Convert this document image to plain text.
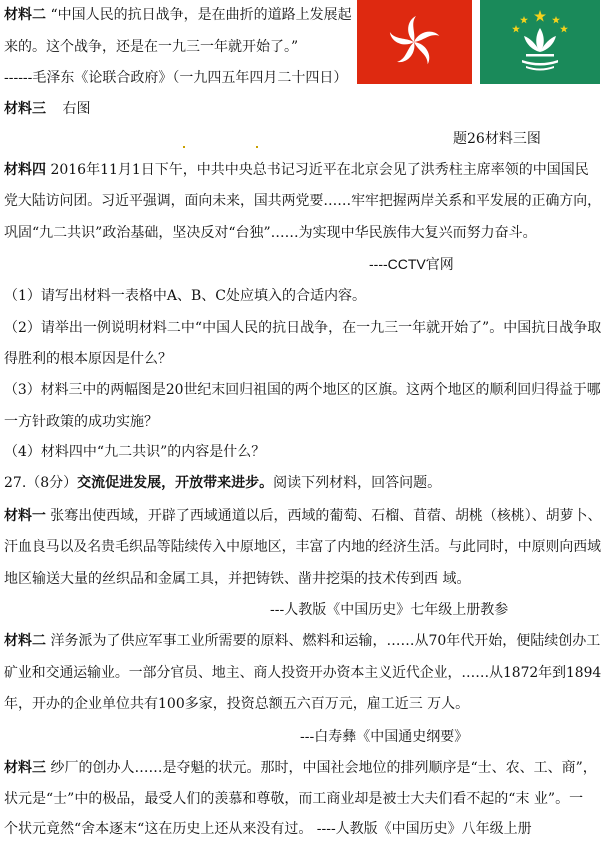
材料二 “中国人民的抗日战争，是在曲折的道路上发展起
来的。这个战争，还是在一九三一年就开始了。”
------毛泽东《论联合政府》（一九四五年四月二十四日）
材料三 右图
题26材料三图
材料四 2016年11月1日下午，中共中央总书记习近平在北京会见了洪秀柱主席率领的中国国民
党大陆访问团。习近平强调，面向未来，国共两党要……牢牢把握两岸关系和平发展的正确方向，
巩固“九二共识”政治基础，坚决反对“台独”……为实现中华民族伟大复兴而努力奋斗。
----CCTV官网
（1）请写出材料一表格中A、B、C处应填入的合适内容。
（2）请举出一例说明材料二中“中国人民的抗日战争，在一九三一年就开始了”。中国抗日战争取
得胜利的根本原因是什么？
（3）材料三中的两幅图是20世纪末回归祖国的两个地区的区旗。这两个地区的顺利回归得益于哪
一方针政策的成功实施？
（4）材料四中“九二共识”的内容是什么？
27.（8分）交流促进发展，开放带来进步。阅读下列材料，回答问题。
材料一 张骞出使西域，开辟了西域通道以后，西域的葡萄、石榴、苜蓿、胡桃（核桃）、胡萝卜、
汗血良马以及名贵毛织品等陆续传入中原地区，丰富了内地的经济生活。与此同时，中原则向西域
地区输送大量的丝织品和金属工具，并把铸铁、凿井挖渠的技术传到西 域。
---人教版《中国历史》七年级上册教参
材料二 洋务派为了供应军事工业所需要的原料、燃料和运输，……从70年代开始，便陆续创办工
矿业和交通运输业。一部分官员、地主、商人投资开办资本主义近代企业，……从1872年到1894
年，开办的企业单位共有100多家，投资总额五六百万元，雇工近三 万人。
---白寿彝《中国通史纲要》
材料三 纱厂的创办人……是夺魁的状元。那时，中国社会地位的排列顺序是“士、农、工、商”，
状元是“士”中的极品，最受人们的羡慕和尊敬，而工商业却是被士大夫们看不起的“末 业”。一
个状元竟然“舍本逐末“这在历史上还从来没有过。 ----人教版《中国历史》八年级上册
